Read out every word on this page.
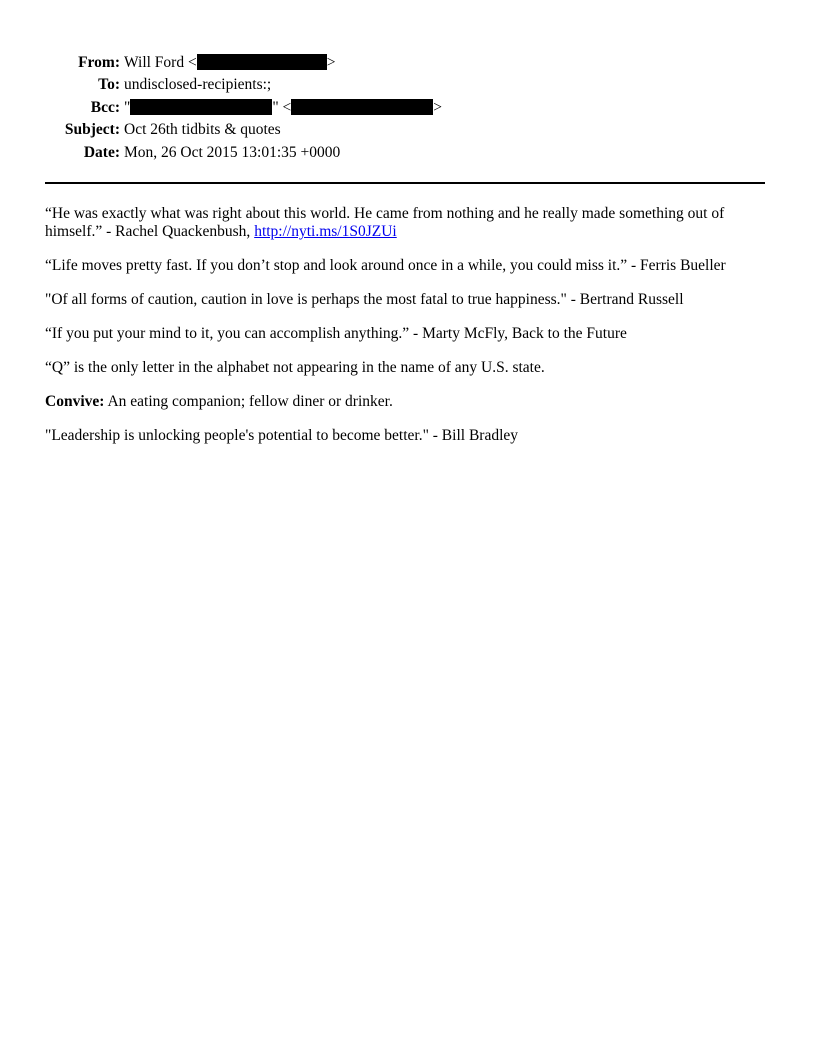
From: Will Ford <	>
To: undisclosed-recipients:;
Bcc: "	" <	>
Subject: Oct 26th tidbits & quotes
Date: Mon, 26 Oct 2015 13:01:35 +0000

“He was exactly what was right about this world. He came from nothing and he really made something out of himself.” - Rachel Quackenbush, http://nyti.ms/1S0JZUi

“Life moves pretty fast. If you don’t stop and look around once in a while, you could miss it.” - Ferris Bueller

"Of all forms of caution, caution in love is perhaps the most fatal to true happiness." - Bertrand Russell

“If you put your mind to it, you can accomplish anything.” - Marty McFly, Back to the Future

“Q” is the only letter in the alphabet not appearing in the name of any U.S. state.

Convive: An eating companion; fellow diner or drinker.

"Leadership is unlocking people's potential to become better." - Bill Bradley
